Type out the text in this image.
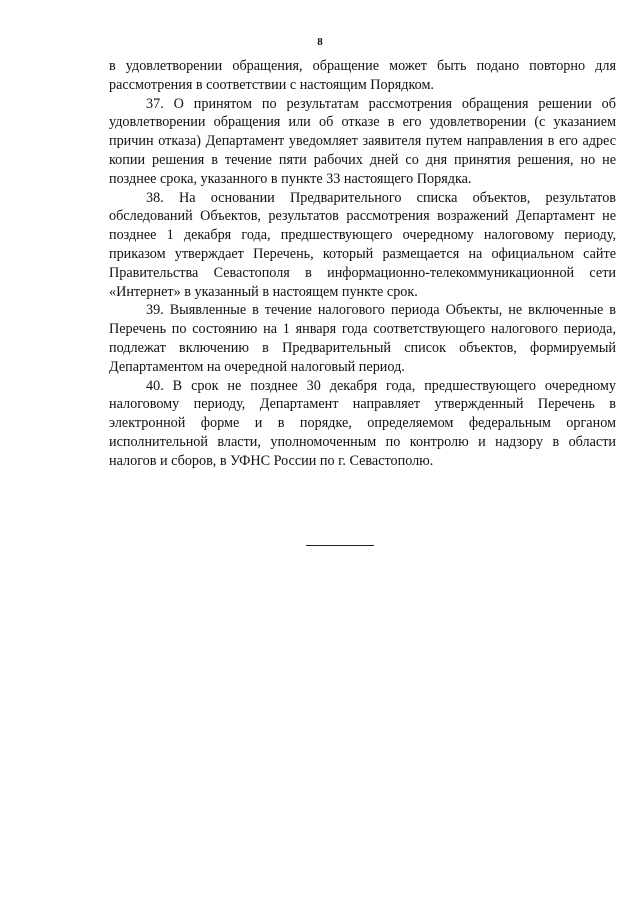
8

в удовлетворении обращения, обращение может быть подано повторно для рассмотрения в соответствии с настоящим Порядком.

37. О принятом по результатам рассмотрения обращения решении об удовлетворении обращения или об отказе в его удовлетворении (с указанием причин отказа) Департамент уведомляет заявителя путем направления в его адрес копии решения в течение пяти рабочих дней со дня принятия решения, но не позднее срока, указанного в пункте 33 настоящего Порядка.

38. На основании Предварительного списка объектов, результатов обследований Объектов, результатов рассмотрения возражений Департамент не позднее 1 декабря года, предшествующего очередному налоговому периоду, приказом утверждает Перечень, который размещается на официальном сайте Правительства Севастополя в информационно-телекоммуникационной сети «Интернет» в указанный в настоящем пункте срок.

39. Выявленные в течение налогового периода Объекты, не включенные в Перечень по состоянию на 1 января года соответствующего налогового периода, подлежат включению в Предварительный список объектов, формируемый Департаментом на очередной налоговый период.

40. В срок не позднее 30 декабря года, предшествующего очередному налоговому периоду, Департамент направляет утвержденный Перечень в электронной форме и в порядке, определяемом федеральным органом исполнительной власти, уполномоченным по контролю и надзору в области налогов и сборов, в УФНС России по г. Севастополю.
